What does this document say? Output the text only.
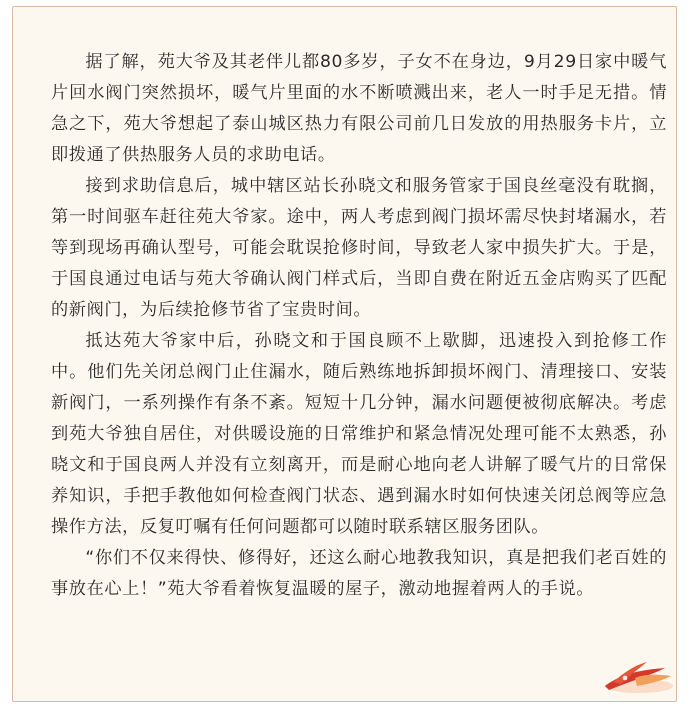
据了解，苑大爷及其老伴儿都80多岁，子女不在身边，9月29日家中暖气片回水阀门突然损坏，暖气片里面的水不断喷溅出来，老人一时手足无措。情急之下，苑大爷想起了泰山城区热力有限公司前几日发放的用热服务卡片，立即拨通了供热服务人员的求助电话。

接到求助信息后，城中辖区站长孙晓文和服务管家于国良丝毫没有耽搁，第一时间驱车赶往苑大爷家。途中，两人考虑到阀门损坏需尽快封堵漏水，若等到现场再确认型号，可能会耽误抢修时间，导致老人家中损失扩大。于是，于国良通过电话与苑大爷确认阀门样式后，当即自费在附近五金店购买了匹配的新阀门，为后续抢修节省了宝贵时间。

抵达苑大爷家中后，孙晓文和于国良顾不上歇脚，迅速投入到抢修工作中。他们先关闭总阀门止住漏水，随后熟练地拆卸损坏阀门、清理接口、安装新阀门，一系列操作有条不紊。短短十几分钟，漏水问题便被彻底解决。考虑到苑大爷独自居住，对供暖设施的日常维护和紧急情况处理可能不太熟悉，孙晓文和于国良两人并没有立刻离开，而是耐心地向老人讲解了暖气片的日常保养知识，手把手教他如何检查阀门状态、遇到漏水时如何快速关闭总阀等应急操作方法，反复叮嘱有任何问题都可以随时联系辖区服务团队。

“你们不仅来得快、修得好，还这么耐心地教我知识，真是把我们老百姓的事放在心上！”苑大爷看着恢复温暖的屋子，激动地握着两人的手说。
